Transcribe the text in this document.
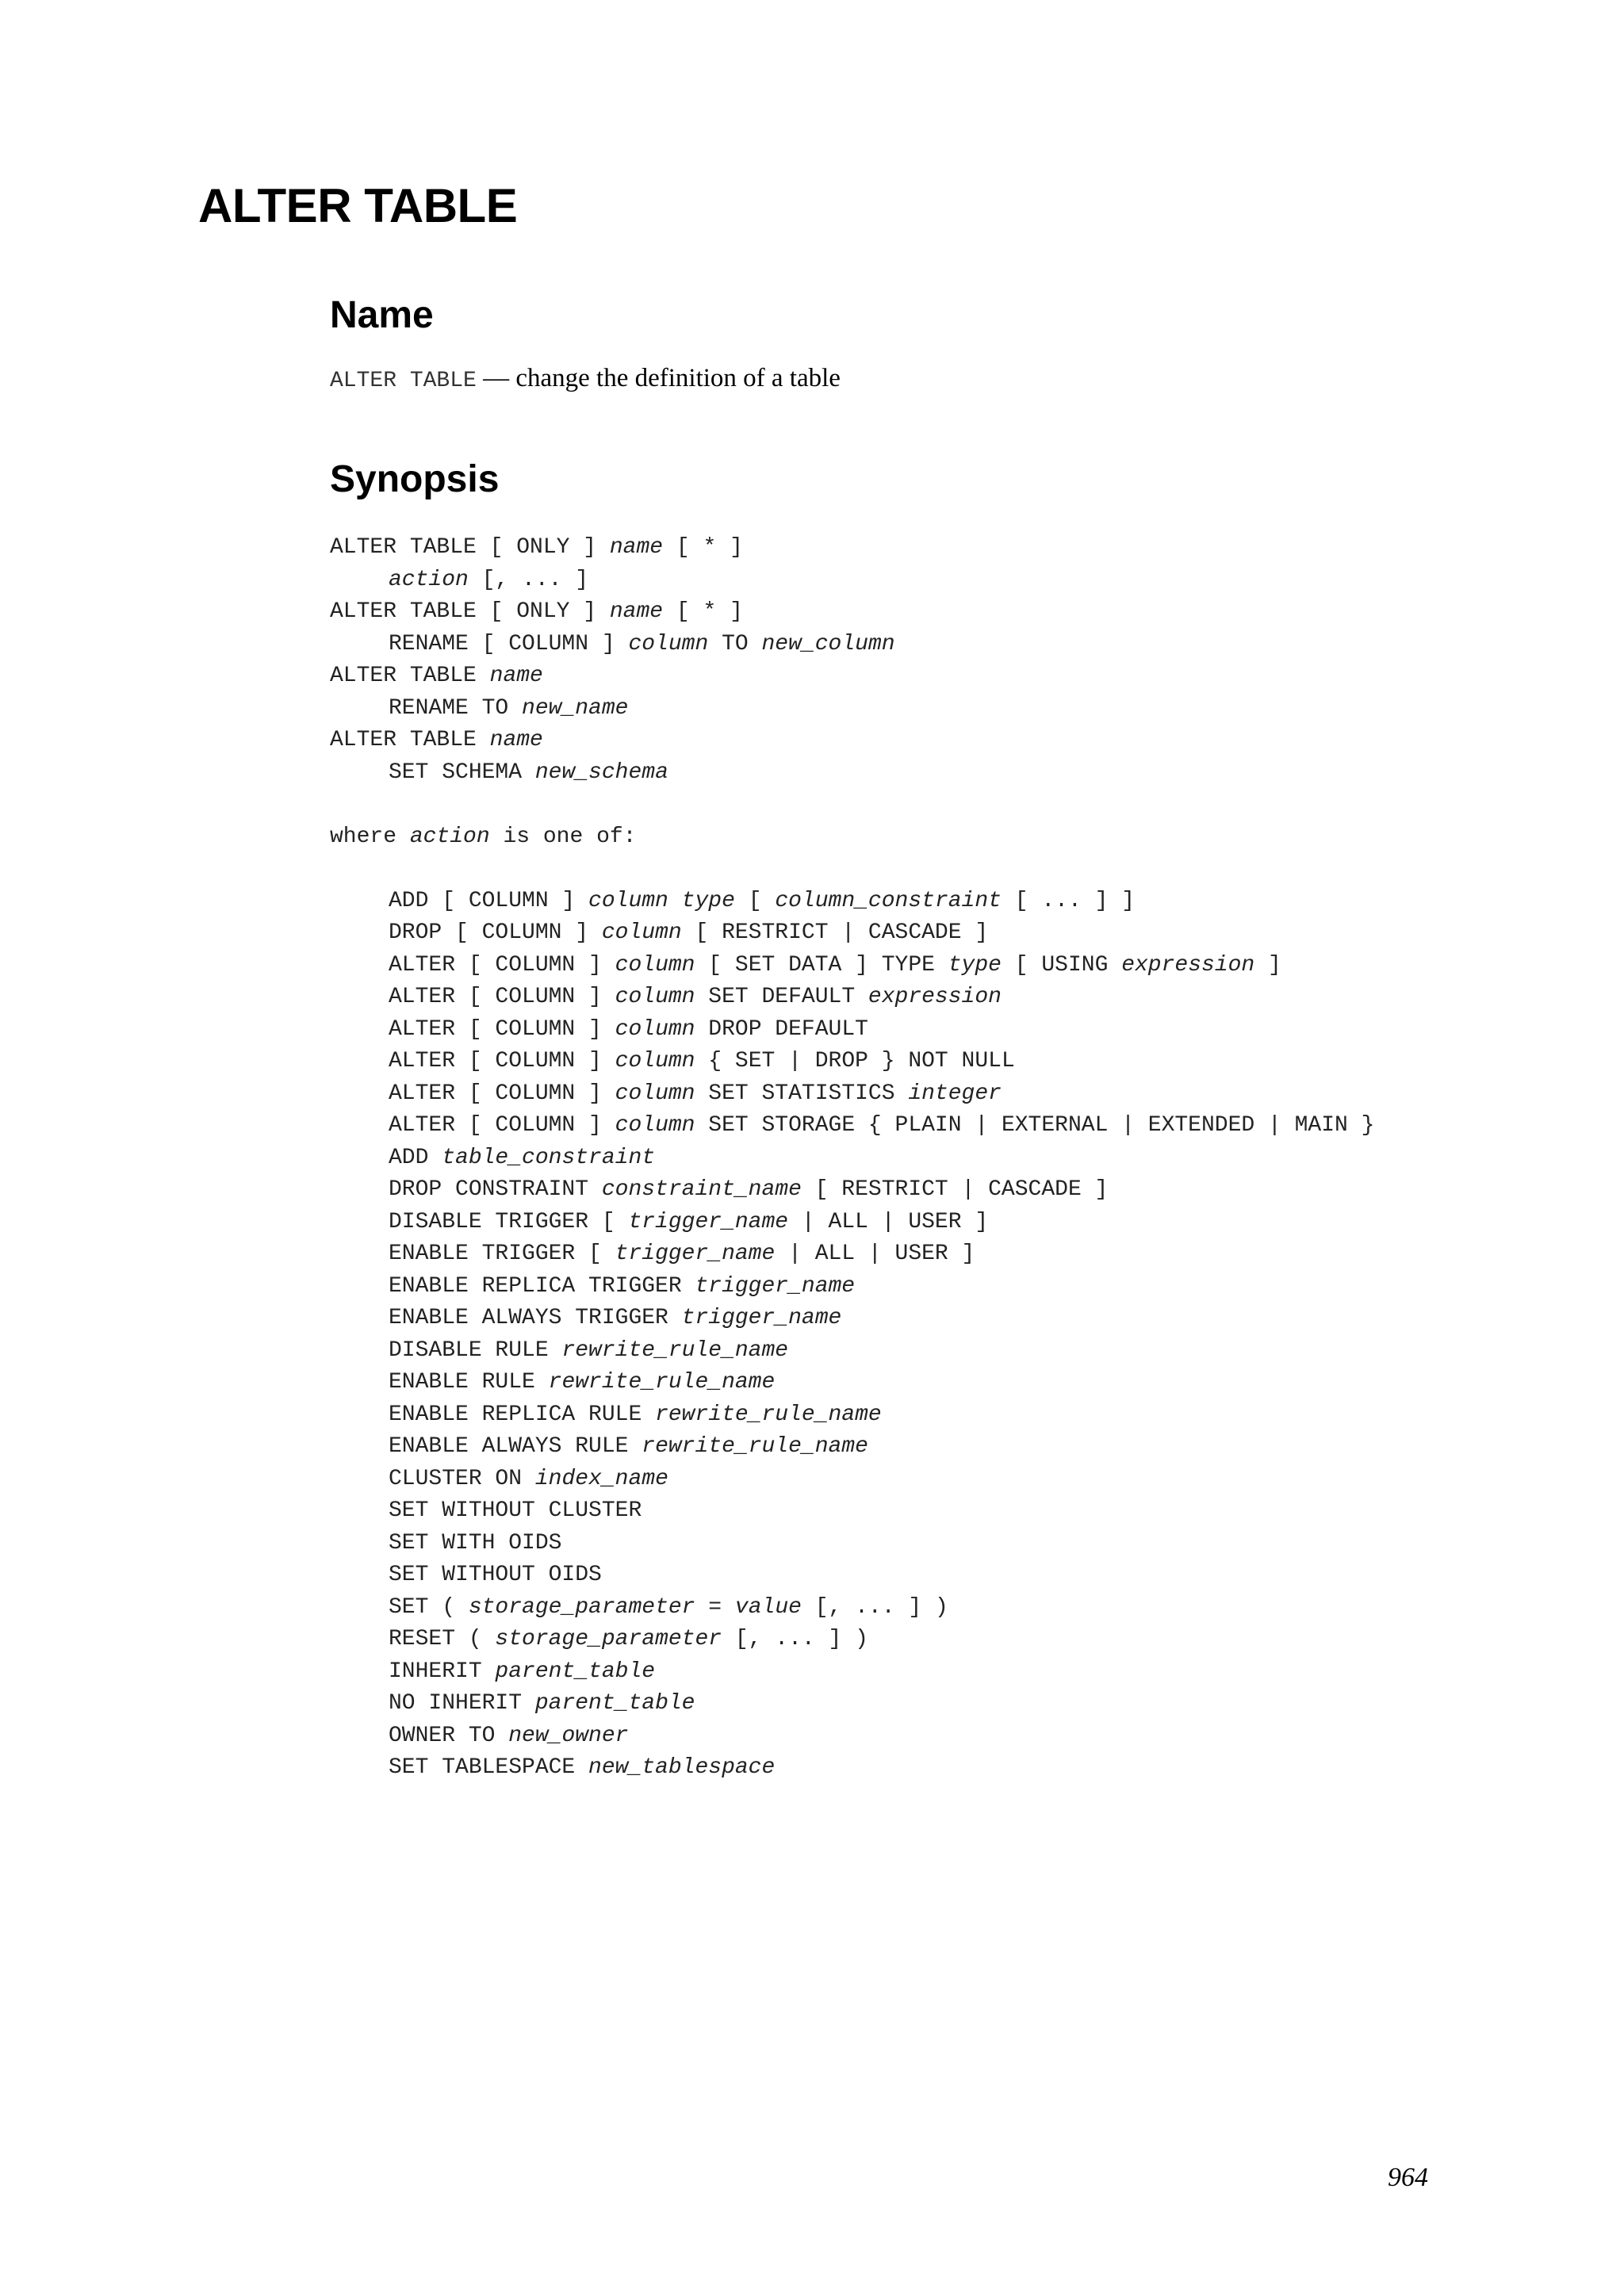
ALTER TABLE
Name

ALTER TABLE — change the definition of a table

Synopsis
ALTER TABLE [ ONLY ] name [ * ]
action [, ... ]
ALTER TABLE [ ONLY ] name [ * ]
RENAME [ COLUMN ] column TO new_column
ALTER TABLE name
RENAME TO new_name
ALTER TABLE name
SET SCHEMA new_schema
where action is one of:
ADD [ COLUMN ] column type [ column_constraint [ ... ] ]
DROP [ COLUMN ] column [ RESTRICT | CASCADE ]
ALTER [ COLUMN ] column [ SET DATA ] TYPE type [ USING expression ]
ALTER [ COLUMN ] column SET DEFAULT expression
ALTER [ COLUMN ] column DROP DEFAULT
ALTER [ COLUMN ] column { SET | DROP } NOT NULL
ALTER [ COLUMN ] column SET STATISTICS integer
ALTER [ COLUMN ] column SET STORAGE { PLAIN | EXTERNAL | EXTENDED | MAIN }
ADD table_constraint
DROP CONSTRAINT constraint_name [ RESTRICT | CASCADE ]
DISABLE TRIGGER [ trigger_name | ALL | USER ]
ENABLE TRIGGER [ trigger_name | ALL | USER ]
ENABLE REPLICA TRIGGER trigger_name
ENABLE ALWAYS TRIGGER trigger_name
DISABLE RULE rewrite_rule_name
ENABLE RULE rewrite_rule_name
ENABLE REPLICA RULE rewrite_rule_name
ENABLE ALWAYS RULE rewrite_rule_name
CLUSTER ON index_name
SET WITHOUT CLUSTER
SET WITH OIDS
SET WITHOUT OIDS
SET ( storage_parameter = value [, ... ] )
RESET ( storage_parameter [, ... ] )
INHERIT parent_table
NO INHERIT parent_table
OWNER TO new_owner
SET TABLESPACE new_tablespace

964
